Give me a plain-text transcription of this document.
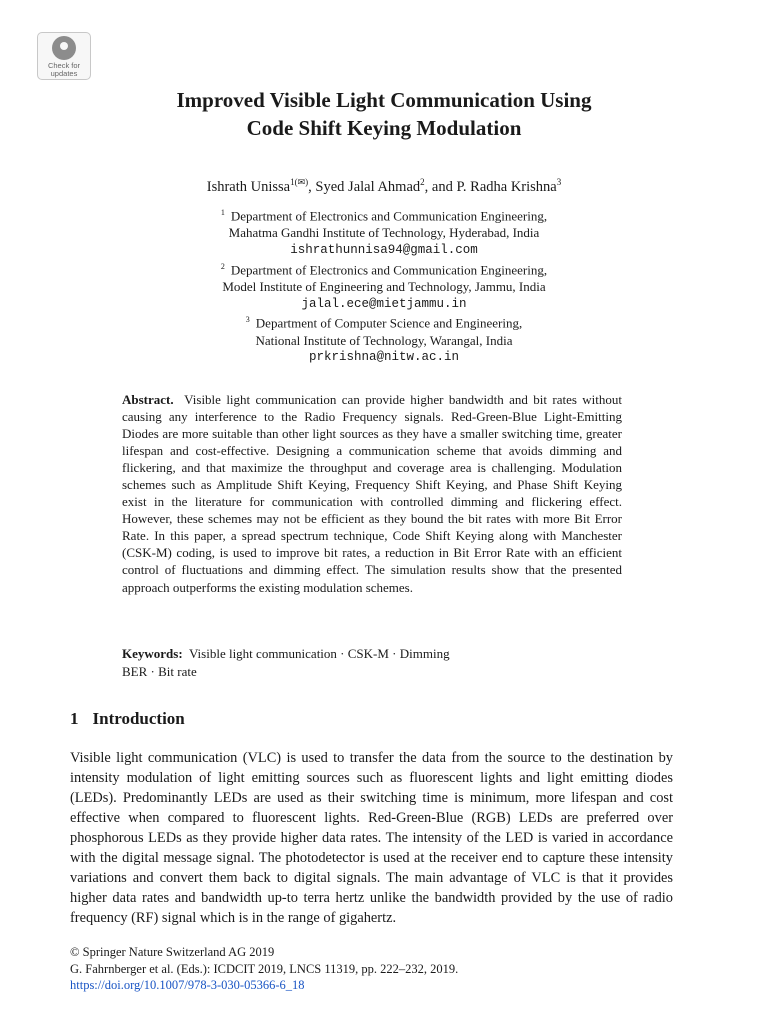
Check for
updates
Improved Visible Light Communication Using
Code Shift Keying Modulation
Ishrath Unissa$^{1(✉)}$, Syed Jalal Ahmad$^2$, and P. Radha Krishna$^3$
$^1$ Department of Electronics and Communication Engineering,
Mahatma Gandhi Institute of Technology, Hyderabad, India
ishrathunnisa94@gmail.com
$^2$ Department of Electronics and Communication Engineering,
Model Institute of Engineering and Technology, Jammu, India
jalal.ece@mietjammu.in
$^3$ Department of Computer Science and Engineering,
National Institute of Technology, Warangal, India
prkrishna@nitw.ac.in

Abstract. Visible light communication can provide higher bandwidth and bit rates without causing any interference to the Radio Frequency signals. Red-Green-Blue Light-Emitting Diodes are more suitable than other light sources as they have a smaller switching time, greater lifespan and cost-effective. Designing a communication scheme that avoids dimming and flickering, and that maximize the throughput and coverage area is challenging. Modulation schemes such as Amplitude Shift Keying, Frequency Shift Keying, and Phase Shift Keying exist in the literature for communication with controlled dimming and flickering effect. However, these schemes may not be efficient as they bound the bit rates with more Bit Error Rate. In this paper, a spread spectrum technique, Code Shift Keying along with Manchester (CSK-M) coding, is used to improve bit rates, a reduction in Bit Error Rate with an efficient control of fluctuations and dimming effect. The simulation results show that the presented approach outperforms the existing modulation schemes.

Keywords: Visible light communication · CSK-M · Dimming
BER · Bit rate

1 Introduction

Visible light communication (VLC) is used to transfer the data from the source to the destination by intensity modulation of light emitting sources such as fluorescent lights and light emitting diodes (LEDs). Predominantly LEDs are used as their switching time is minimum, more lifespan and cost effective when compared to fluorescent lights. Red-Green-Blue (RGB) LEDs are preferred over phosphorous LEDs as they provide higher data rates. The intensity of the LED is varied in accordance with the digital message signal. The photodetector is used at the receiver end to capture these intensity variations and convert them back to digital signals. The main advantage of VLC is that it provides higher data rates and bandwidth up-to terra hertz unlike the bandwidth provided by the use of radio frequency (RF) signal which is in the range of gigahertz.

© Springer Nature Switzerland AG 2019
G. Fahrnberger et al. (Eds.): ICDCIT 2019, LNCS 11319, pp. 222–232, 2019.
https://doi.org/10.1007/978-3-030-05366-6_18
